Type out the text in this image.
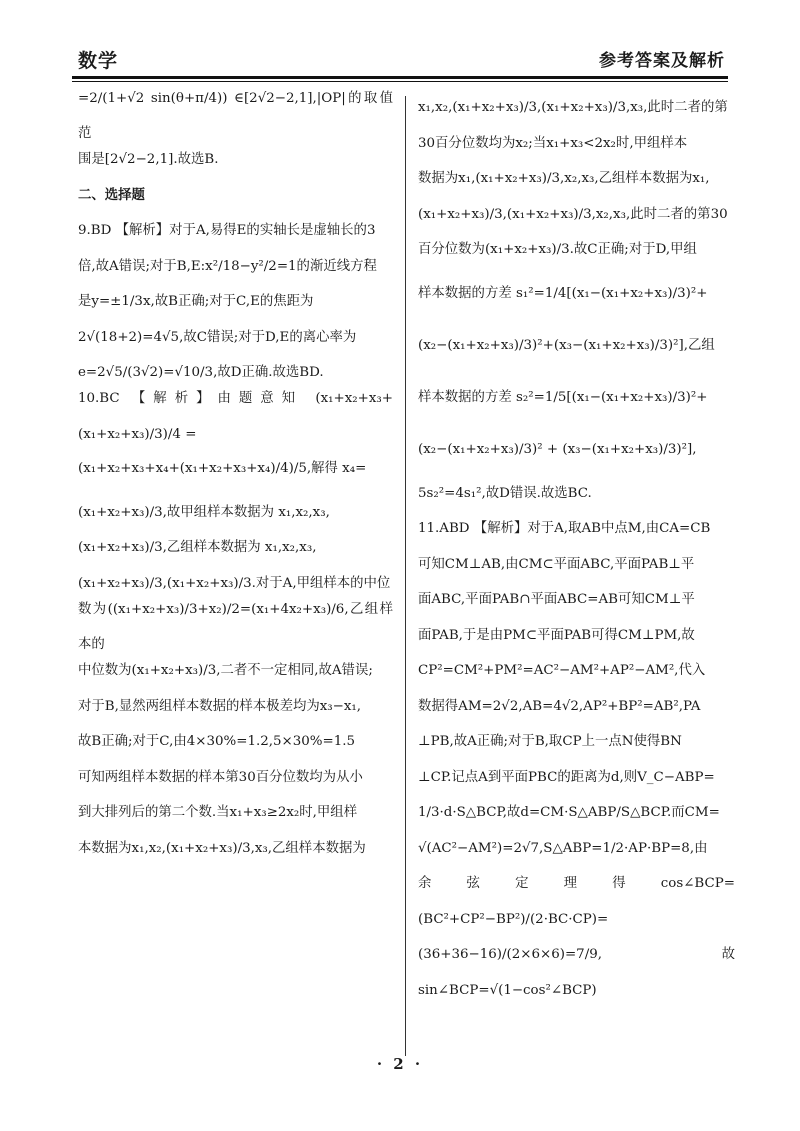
数学	参考答案及解析

=2/(1+√2 sin(θ+π/4)) ∈[2√2−2,1],|OP|的取值范

围是[2√2−2,1].故选B.

二、选择题

9.BD 【解析】对于A,易得E的实轴长是虚轴长的3

倍,故A错误;对于B,E:x²/18−y²/2=1的渐近线方程

是y=±1/3x,故B正确;对于C,E的焦距为

2√(18+2)=4√5,故C错误;对于D,E的离心率为

e=2√5/(3√2)=√10/3,故D正确.故选BD.

10.BC 【解析】由题意知 (x₁+x₂+x₃+(x₁+x₂+x₃)/3)/4 =

(x₁+x₂+x₃+x₄+(x₁+x₂+x₃+x₄)/4)/5,解得 x₄=

(x₁+x₂+x₃)/3,故甲组样本数据为 x₁,x₂,x₃,

(x₁+x₂+x₃)/3,乙组样本数据为 x₁,x₂,x₃,

(x₁+x₂+x₃)/3,(x₁+x₂+x₃)/3.对于A,甲组样本的中位

数为((x₁+x₂+x₃)/3+x₂)/2=(x₁+4x₂+x₃)/6,乙组样本的

中位数为(x₁+x₂+x₃)/3,二者不一定相同,故A错误;

对于B,显然两组样本数据的样本极差均为x₃−x₁,

故B正确;对于C,由4×30%=1.2,5×30%=1.5

可知两组样本数据的样本第30百分位数均为从小

到大排列后的第二个数.当x₁+x₃≥2x₂时,甲组样

本数据为x₁,x₂,(x₁+x₂+x₃)/3,x₃,乙组样本数据为

x₁,x₂,(x₁+x₂+x₃)/3,(x₁+x₂+x₃)/3,x₃,此时二者的第

30百分位数均为x₂;当x₁+x₃<2x₂时,甲组样本

数据为x₁,(x₁+x₂+x₃)/3,x₂,x₃,乙组样本数据为x₁,

(x₁+x₂+x₃)/3,(x₁+x₂+x₃)/3,x₂,x₃,此时二者的第30

百分位数为(x₁+x₂+x₃)/3.故C正确;对于D,甲组

样本数据的方差 s₁²=1/4[(x₁−(x₁+x₂+x₃)/3)²+

(x₂−(x₁+x₂+x₃)/3)²+(x₃−(x₁+x₂+x₃)/3)²],乙组

样本数据的方差 s₂²=1/5[(x₁−(x₁+x₂+x₃)/3)²+

(x₂−(x₁+x₂+x₃)/3)² + (x₃−(x₁+x₂+x₃)/3)²],

5s₂²=4s₁²,故D错误.故选BC.

11.ABD 【解析】对于A,取AB中点M,由CA=CB

可知CM⊥AB,由CM⊂平面ABC,平面PAB⊥平

面ABC,平面PAB∩平面ABC=AB可知CM⊥平

面PAB,于是由PM⊂平面PAB可得CM⊥PM,故

CP²=CM²+PM²=AC²−AM²+AP²−AM²,代入

数据得AM=2√2,AB=4√2,AP²+BP²=AB²,PA

⊥PB,故A正确;对于B,取CP上一点N使得BN

⊥CP.记点A到平面PBC的距离为d,则V_C−ABP=

1/3·d·S△BCP,故d=CM·S△ABP/S△BCP.而CM=

√(AC²−AM²)=2√7,S△ABP=1/2·AP·BP=8,由

余弦定理得cos∠BCP=(BC²+CP²−BP²)/(2·BC·CP)=

(36+36−16)/(2×6×6)=7/9,故sin∠BCP=√(1−cos²∠BCP)

· 2 ·
